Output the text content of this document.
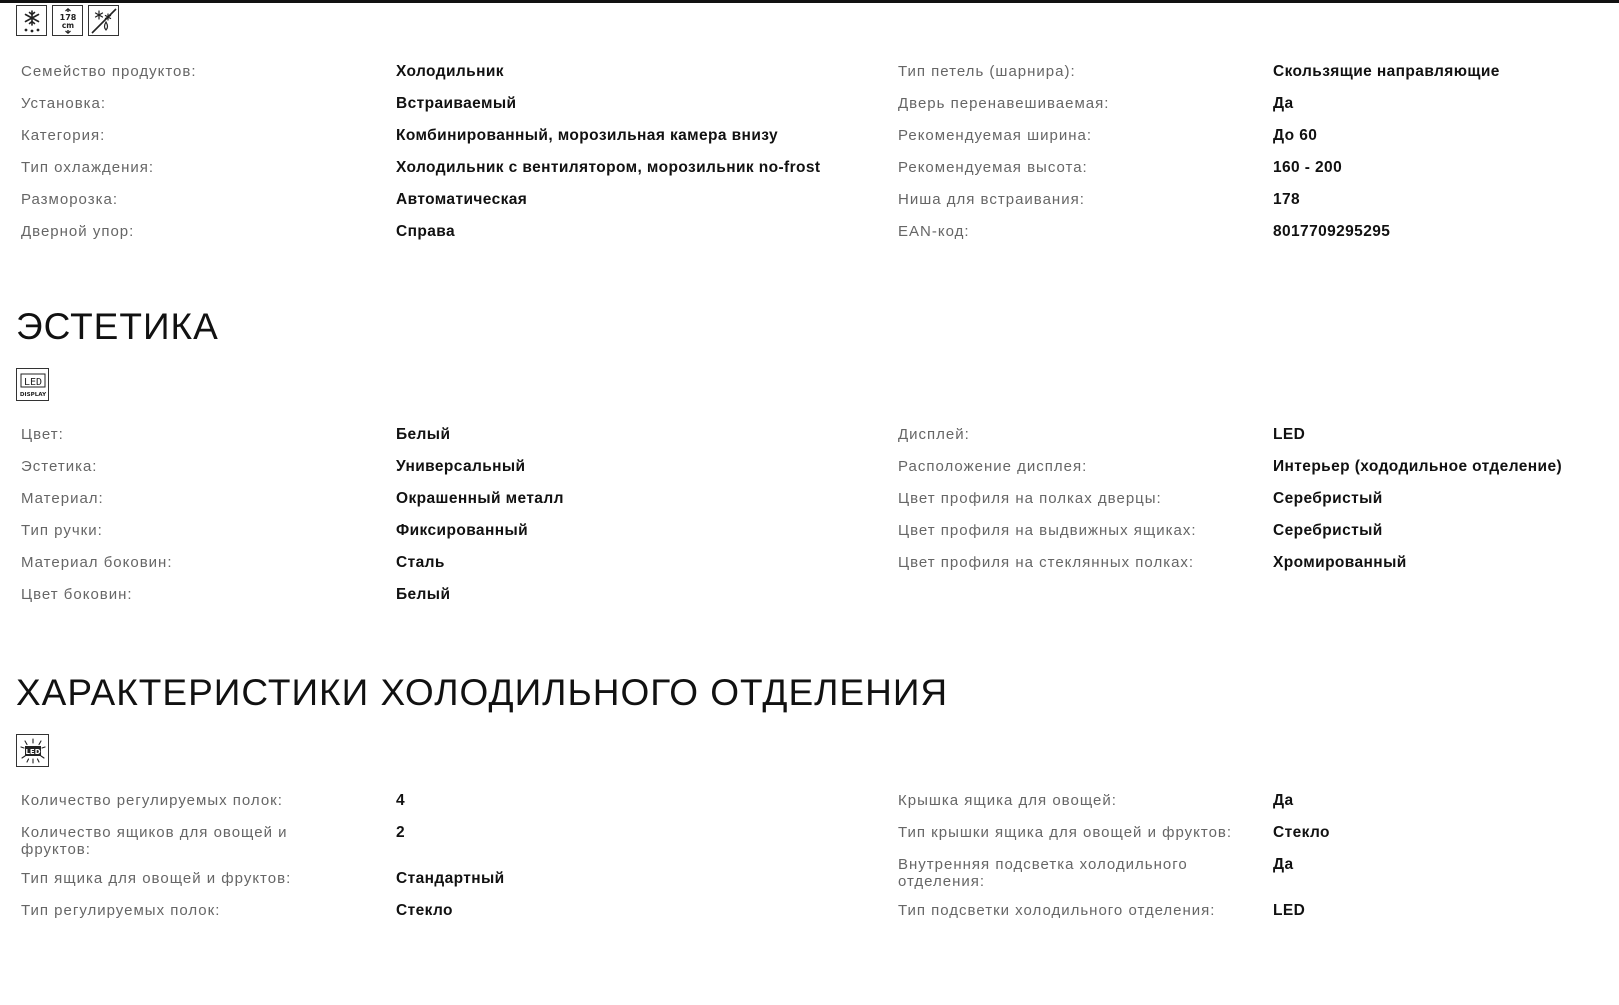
178
cm
Семейство продуктов:	Холодильник
Установка:	Встраиваемый
Категория:	Комбинированный, морозильная камера внизу
Тип охлаждения:	Холодильник с вентилятором, морозильник no-frost
Разморозка:	Автоматическая
Дверной упор:	Справа
Тип петель (шарнира):	Скользящие направляющие
Дверь перенавешиваемая:	Да
Рекомендуемая ширина:	До 60
Рекомендуемая высота:	160 - 200
Ниша для встраивания:	178
EAN-код:	8017709295295
ЭСТЕТИКА
LED
DISPLAY
Цвет:	Белый
Эстетика:	Универсальный
Материал:	Окрашенный металл
Тип ручки:	Фиксированный
Материал боковин:	Сталь
Цвет боковин:	Белый
Дисплей:	LED
Расположение дисплея:	Интерьер (хододильное отделение)
Цвет профиля на полках дверцы:	Серебристый
Цвет профиля на выдвижных ящиках:	Серебристый
Цвет профиля на стеклянных полках:	Хромированный
ХАРАКТЕРИСТИКИ ХОЛОДИЛЬНОГО ОТДЕЛЕНИЯ
LED
Количество регулируемых полок:	4
Количество ящиков для овощей и фруктов:
2
Тип ящика для овощей и фруктов:	Стандартный
Тип регулируемых полок:	Стекло
Крышка ящика для овощей:	Да
Тип крышки ящика для овощей и фруктов:	Стекло
Внутренняя подсветка холодильного отделения:
Да
Тип подсветки холодильного отделения:	LED
